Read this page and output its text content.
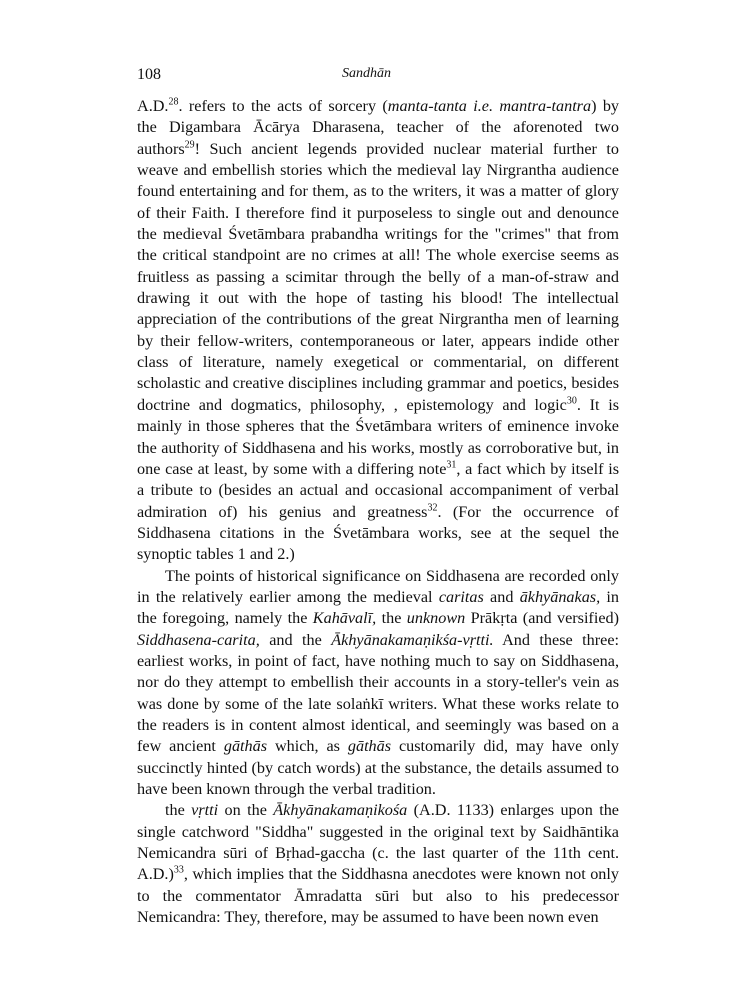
108	Sandhān

A.D.$^{28}$. refers to the acts of sorcery (manta-tanta i.e. mantra-tantra) by the Digambara Ācārya Dharasena, teacher of the aforenoted two authors$^{29}$! Such ancient legends provided nuclear material further to weave and embellish stories which the medieval lay Nirgrantha audience found entertaining and for them, as to the writers, it was a matter of glory of their Faith. I therefore find it purposeless to single out and denounce the medieval Śvetāmbara prabandha writings for the "crimes" that from the critical standpoint are no crimes at all! The whole exercise seems as fruitless as passing a scimitar through the belly of a man-of-straw and drawing it out with the hope of tasting his blood! The intellectual appreciation of the contributions of the great Nirgrantha men of learning by their fellow-writers, contemporaneous or later, appears indide other class of literature, namely exegetical or commentarial, on different scholastic and creative disciplines including grammar and poetics, besides doctrine and dogmatics, philosophy, , epistemology and logic$^{30}$. It is mainly in those spheres that the Śvetāmbara writers of eminence invoke the authority of Siddhasena and his works, mostly as corroborative but, in one case at least, by some with a differing note$^{31}$, a fact which by itself is a tribute to (besides an actual and occasional accompaniment of verbal admiration of) his genius and greatness$^{32}$. (For the occurrence of Siddhasena citations in the Śvetāmbara works, see at the sequel the synoptic tables 1 and 2.)

The points of historical significance on Siddhasena are recorded only in the relatively earlier among the medieval caritas and ākhyānakas, in the foregoing, namely the Kahāvalī, the unknown Prākṛta (and versified) Siddhasena-carita, and the Ākhyānakamaṇikśa-vṛtti. And these three: earliest works, in point of fact, have nothing much to say on Siddhasena, nor do they attempt to embellish their accounts in a story-teller's vein as was done by some of the late solaṅkī writers. What these works relate to the readers is in content almost identical, and seemingly was based on a few ancient gāthās which, as gāthās customarily did, may have only succinctly hinted (by catch words) at the substance, the details assumed to have been known through the verbal tradition.

the vṛtti on the Ākhyānakamaṇikośa (A.D. 1133) enlarges upon the single catchword "Siddha" suggested in the original text by Saidhāntika Nemicandra sūri of Bṛhad-gaccha (c. the last quarter of the 11th cent. A.D.)$^{33}$, which implies that the Siddhasna anecdotes were known not only to the commentator Āmradatta sūri but also to his predecessor Nemicandra: They, therefore, may be assumed to have been nown even
